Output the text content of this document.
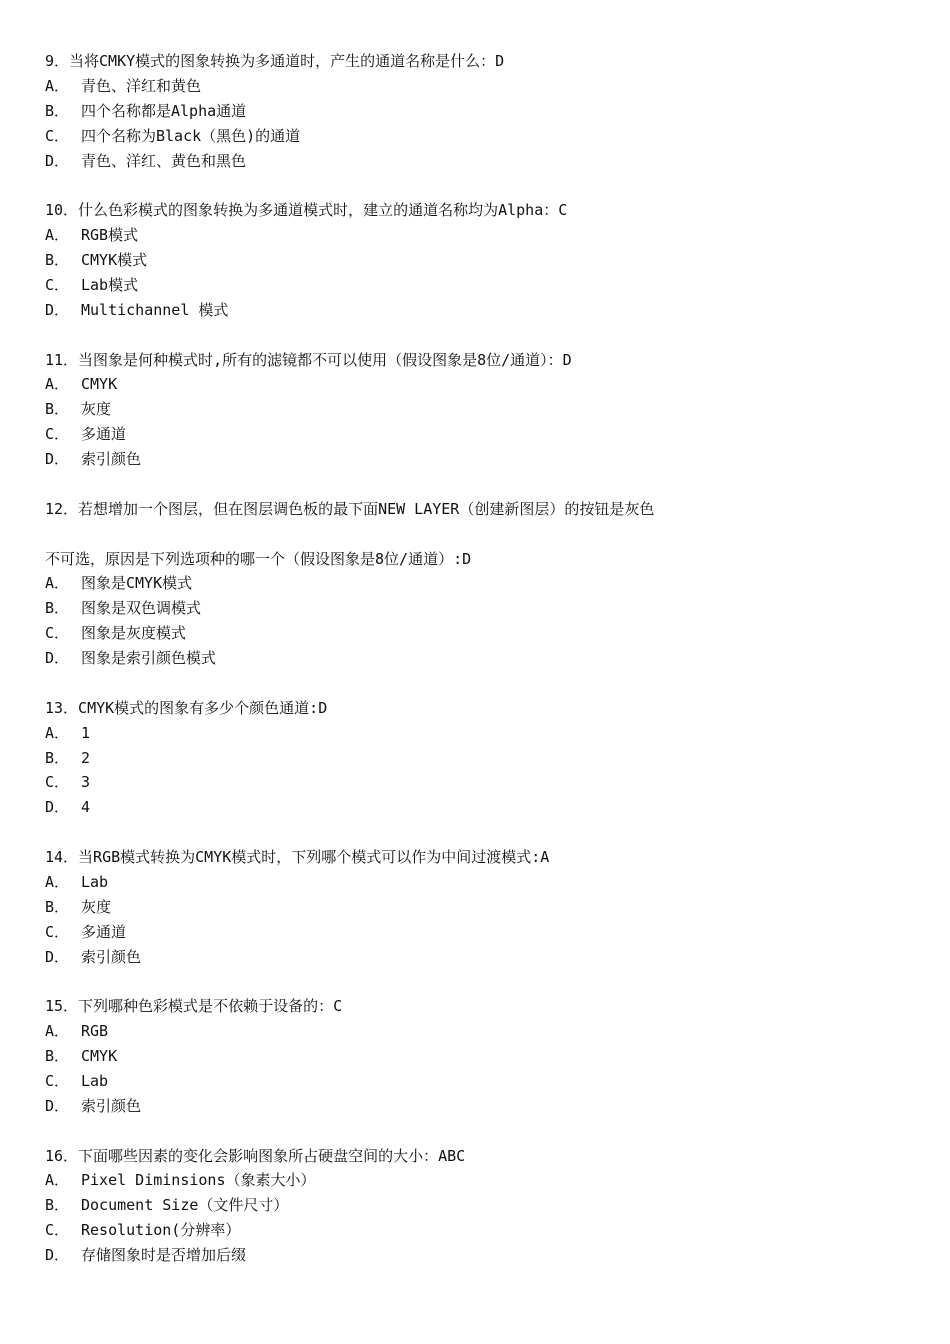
9．当将CMKY模式的图象转换为多通道时，产生的通道名称是什么：D
A． 青色、洋红和黄色
B． 四个名称都是Alpha通道
C． 四个名称为Black（黑色)的通道
D． 青色、洋红、黄色和黑色
10．什么色彩模式的图象转换为多通道模式时，建立的通道名称均为Alpha：C
A． RGB模式
B． CMYK模式
C． Lab模式
D． Multichannel 模式
11．当图象是何种模式时,所有的滤镜都不可以使用（假设图象是8位/通道）：D
A． CMYK
B． 灰度
C． 多通道
D． 索引颜色
12．若想增加一个图层，但在图层调色板的最下面NEW LAYER（创建新图层）的按钮是灰色
不可选，原因是下列选项种的哪一个（假设图象是8位/通道）:D
A． 图象是CMYK模式
B． 图象是双色调模式
C． 图象是灰度模式
D． 图象是索引颜色模式
13．CMYK模式的图象有多少个颜色通道:D
A． 1
B． 2
C． 3
D． 4
14．当RGB模式转换为CMYK模式时，下列哪个模式可以作为中间过渡模式:A
A． Lab
B． 灰度
C． 多通道
D． 索引颜色
15．下列哪种色彩模式是不依赖于设备的：C
A． RGB
B． CMYK
C． Lab
D． 索引颜色
16．下面哪些因素的变化会影响图象所占硬盘空间的大小：ABC
A． Pixel Diminsions（象素大小）
B． Document Size（文件尺寸）
C． Resolution(分辨率）
D． 存储图象时是否增加后缀
